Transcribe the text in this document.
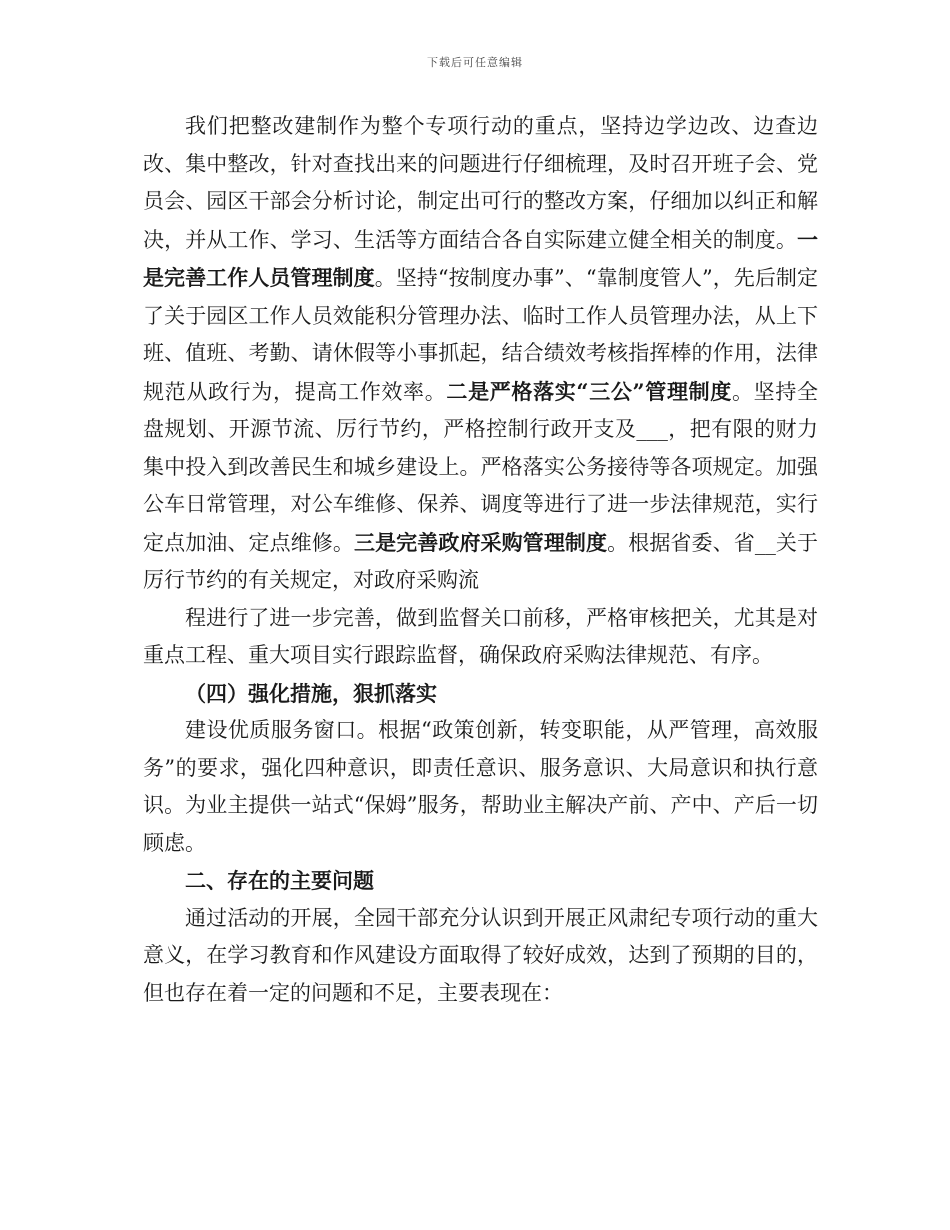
下载后可任意编辑

我们把整改建制作为整个专项行动的重点，坚持边学边改、边查边改、集中整改，针对查找出来的问题进行仔细梳理，及时召开班子会、党员会、园区干部会分析讨论，制定出可行的整改方案，仔细加以纠正和解决，并从工作、学习、生活等方面结合各自实际建立健全相关的制度。一是完善工作人员管理制度。坚持“按制度办事”、“靠制度管人”，先后制定了关于园区工作人员效能积分管理办法、临时工作人员管理办法，从上下班、值班、考勤、请休假等小事抓起，结合绩效考核指挥棒的作用，法律规范从政行为，提高工作效率。二是严格落实“三公”管理制度。坚持全盘规划、开源节流、厉行节约，严格控制行政开支及___，把有限的财力集中投入到改善民生和城乡建设上。严格落实公务接待等各项规定。加强公车日常管理，对公车维修、保养、调度等进行了进一步法律规范，实行定点加油、定点维修。三是完善政府采购管理制度。根据省委、省__关于厉行节约的有关规定，对政府采购流

程进行了进一步完善，做到监督关口前移，严格审核把关，尤其是对重点工程、重大项目实行跟踪监督，确保政府采购法律规范、有序。

（四）强化措施，狠抓落实

建设优质服务窗口。根据“政策创新，转变职能，从严管理，高效服务”的要求，强化四种意识，即责任意识、服务意识、大局意识和执行意识。为业主提供一站式“保姆”服务，帮助业主解决产前、产中、产后一切顾虑。

二、存在的主要问题

通过活动的开展，全园干部充分认识到开展正风肃纪专项行动的重大意义，在学习教育和作风建设方面取得了较好成效，达到了预期的目的，但也存在着一定的问题和不足，主要表现在：
